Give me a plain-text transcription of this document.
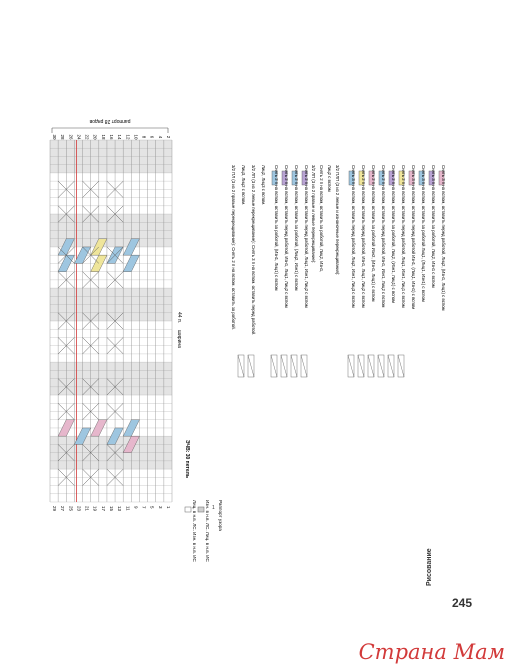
раппорт 28 рядов
30 28 26 24 22 20 18 16 14 12 10 8 6 4 2
29 27 25 23 21 19 17 15 13 11 9 7 5 3 1
ширина
44 п.
Лиц. в н.в. ЛС. Изн. в н.в. ИС Изн. в н.в. ЛС. Лиц. в н.в. ИС 1 Раппорт узора
ЭЧВ: 30 петель
3/2 ПЛ (3 из 2 правые перекрещивание): Снять 2 п на вспом. оставить за работой. Лиц3, Лиц2 с вспом. 3/2 ЛП (3 из 2 левые перекрещивание): Снять 3 п на вспом. оставить перед работой. Лиц2, Лиц3 с вспом. Снять 2 п на вспом, оставить за работой, (Изн1, Лиц1) с вспом Снять 2 п на вспом, оставить перед работой, Изн1, Лиц1, Лиц2 с вспом Снять 2 п на вспом, оставить за работой, (Лиц2, Изн1) с вспом Снять 2 п на вспом, оставить перед работой, Лиц1, Изн1, Лиц2 с вспом 3/2 ЛП (3 из 2 правые и левые перекрещивание): Снять 2 п на вспом, оставить за работой, Лиц2, Изн1, Лиц2 с вспом 3/2 ПЛП (3 из 2 левые и изнаночные перекрещивания):	Снять 3 п на вспом, оставить перед работой, Лиц2, Изн1, Лиц3 с вспом Снять 2 п на вспом, оставить перед работой, Изн1, Лиц1, Лиц2 с вспом Снять 2 п на вспом, оставить за работой Изн2, (Изн1, Лиц1) с вспом Снять 2 п на вспом, оставить перед работой, Изн1, Изн1, Лиц2 с вспом Снять 2 п на вспом, оставить за работой, Лиц2, (Изн1, Лиц1) с вспом Снять 2 п на вспом, оставить перед работой, Лиц1, Изн1, Лиц1 с вспом Снять 3 п на вспом, оставить перед работой Изн1, (Лиц1, Изн1) с вспом Снять 3 п на вспом, оставить за работой Лиц1, (Лиц1, Изн1) с вспом Снять 3 п на вспом, оставить за работой, Лиц2, Изн1 с вспом Снять 3 п на вспом, оставить перед работой, Лиц2, (Изн1, Лиц1) с вспом
Рисование
245
Страна Мам
